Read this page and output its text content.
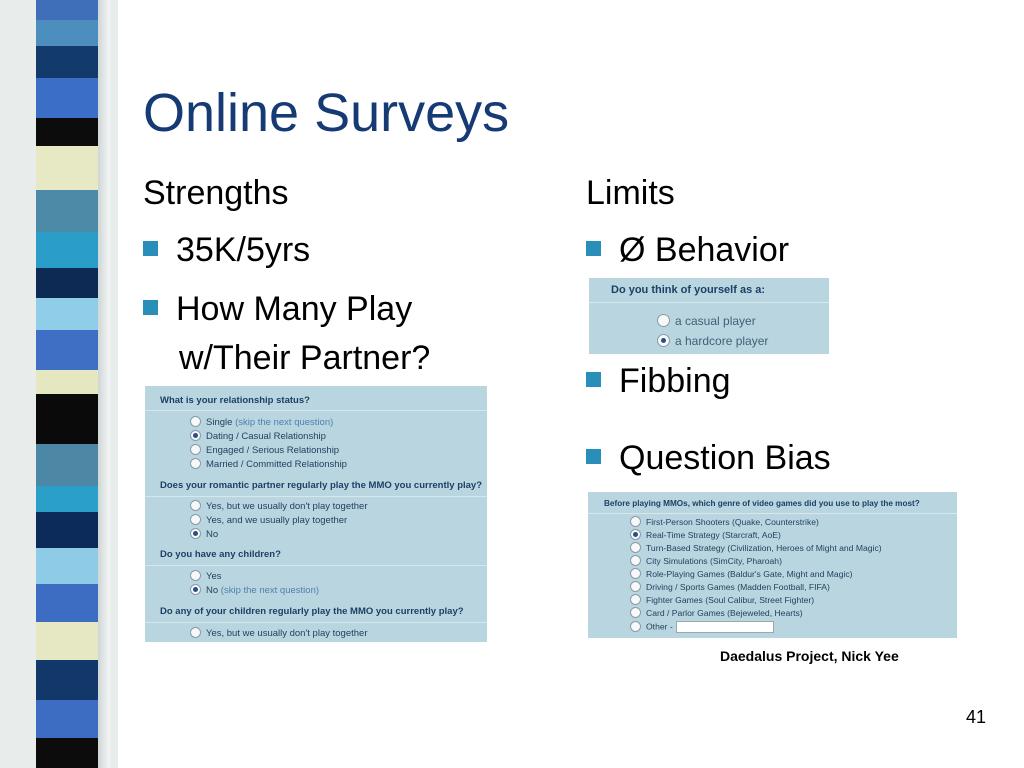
Online Surveys
Strengths
35K/5yrs
How Many Play
w/Their Partner?
What is your relationship status?
Single (skip the next question)
Dating / Casual Relationship
Engaged / Serious Relationship
Married / Committed Relationship
Does your romantic partner regularly play the MMO you currently play?
Yes, but we usually don't play together
Yes, and we usually play together
No
Do you have any children?
Yes
No (skip the next question)
Do any of your children regularly play the MMO you currently play?
Yes, but we usually don't play together
Limits
Ø Behavior
Do you think of yourself as a:
a casual player
a hardcore player
Fibbing
Question Bias
Before playing MMOs, which genre of video games did you use to play the most?
First-Person Shooters (Quake, Counterstrike)
Real-Time Strategy (Starcraft, AoE)
Turn-Based Strategy (Civilization, Heroes of Might and Magic)
City Simulations (SimCity, Pharoah)
Role-Playing Games (Baldur's Gate, Might and Magic)
Driving / Sports Games (Madden Football, FIFA)
Fighter Games (Soul Calibur, Street Fighter)
Card / Parlor Games (Bejeweled, Hearts)
Other -
Daedalus Project, Nick Yee
41
